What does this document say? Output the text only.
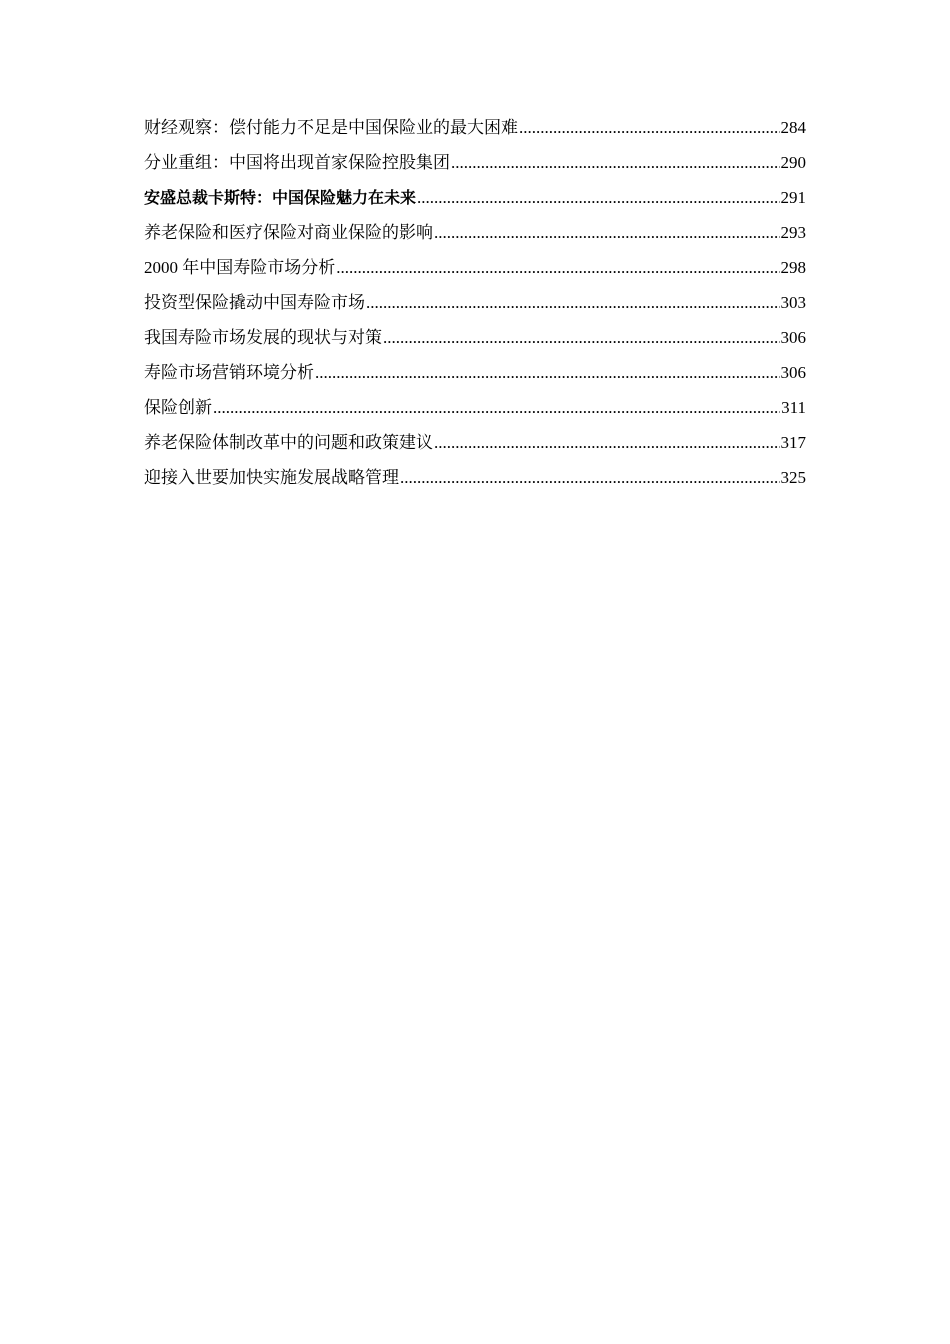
财经观察：偿付能力不足是中国保险业的最大困难 .....	284
分业重组：中国将出现首家保险控股集团 .....	290
安盛总裁卡斯特：中国保险魅力在未来 .....	291
养老保险和医疗保险对商业保险的影响 .....	293
2000 年中国寿险市场分析 .....	298
投资型保险撬动中国寿险市场 .....	303
我国寿险市场发展的现状与对策 .....	306
寿险市场营销环境分析 .....	306
保险创新 .....	311
养老保险体制改革中的问题和政策建议 .....	317
迎接入世要加快实施发展战略管理 .....	325
